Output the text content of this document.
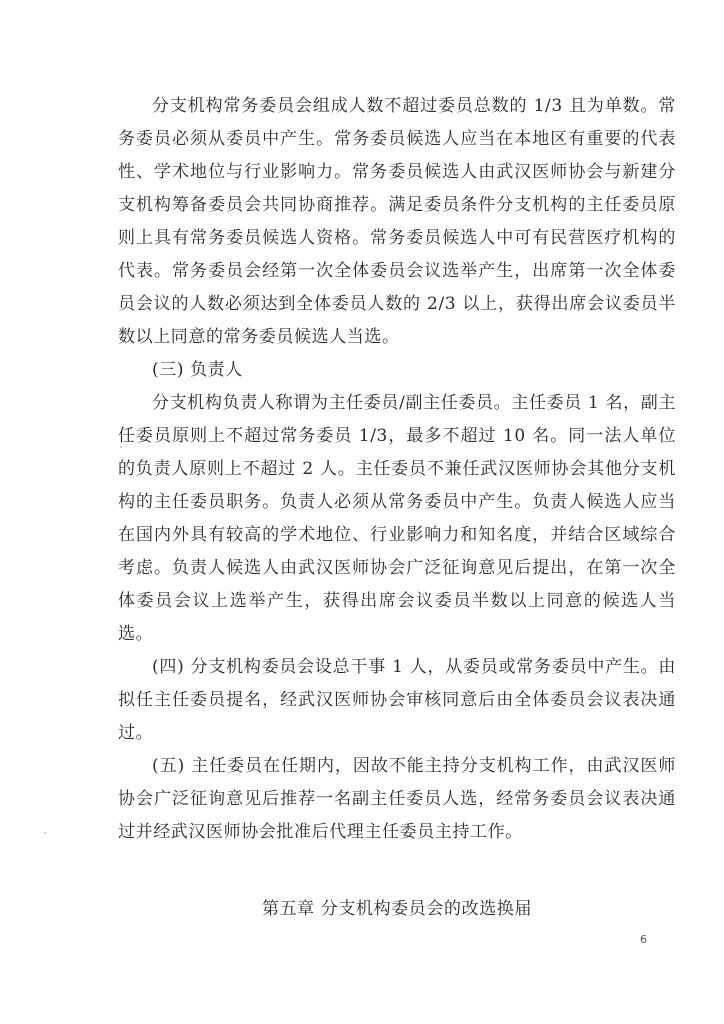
分支机构常务委员会组成人数不超过委员总数的 1/3 且为单数。常务委员必须从委员中产生。常务委员候选人应当在本地区有重要的代表性、学术地位与行业影响力。常务委员候选人由武汉医师协会与新建分支机构筹备委员会共同协商推荐。满足委员条件分支机构的主任委员原则上具有常务委员候选人资格。常务委员候选人中可有民营医疗机构的代表。常务委员会经第一次全体委员会议选举产生，出席第一次全体委员会议的人数必须达到全体委员人数的 2/3 以上，获得出席会议委员半数以上同意的常务委员候选人当选。

(三) 负责人

分支机构负责人称谓为主任委员/副主任委员。主任委员 1 名，副主任委员原则上不超过常务委员 1/3，最多不超过 10 名。同一法人单位的负责人原则上不超过 2 人。主任委员不兼任武汉医师协会其他分支机构的主任委员职务。负责人必须从常务委员中产生。负责人候选人应当在国内外具有较高的学术地位、行业影响力和知名度，并结合区域综合考虑。负责人候选人由武汉医师协会广泛征询意见后提出，在第一次全体委员会议上选举产生，获得出席会议委员半数以上同意的候选人当选。

(四) 分支机构委员会设总干事 1 人，从委员或常务委员中产生。由拟任主任委员提名，经武汉医师协会审核同意后由全体委员会议表决通过。

(五) 主任委员在任期内，因故不能主持分支机构工作，由武汉医师协会广泛征询意见后推荐一名副主任委员人选，经常务委员会议表决通过并经武汉医师协会批准后代理主任委员主持工作。

第五章 分支机构委员会的改选换届

6
